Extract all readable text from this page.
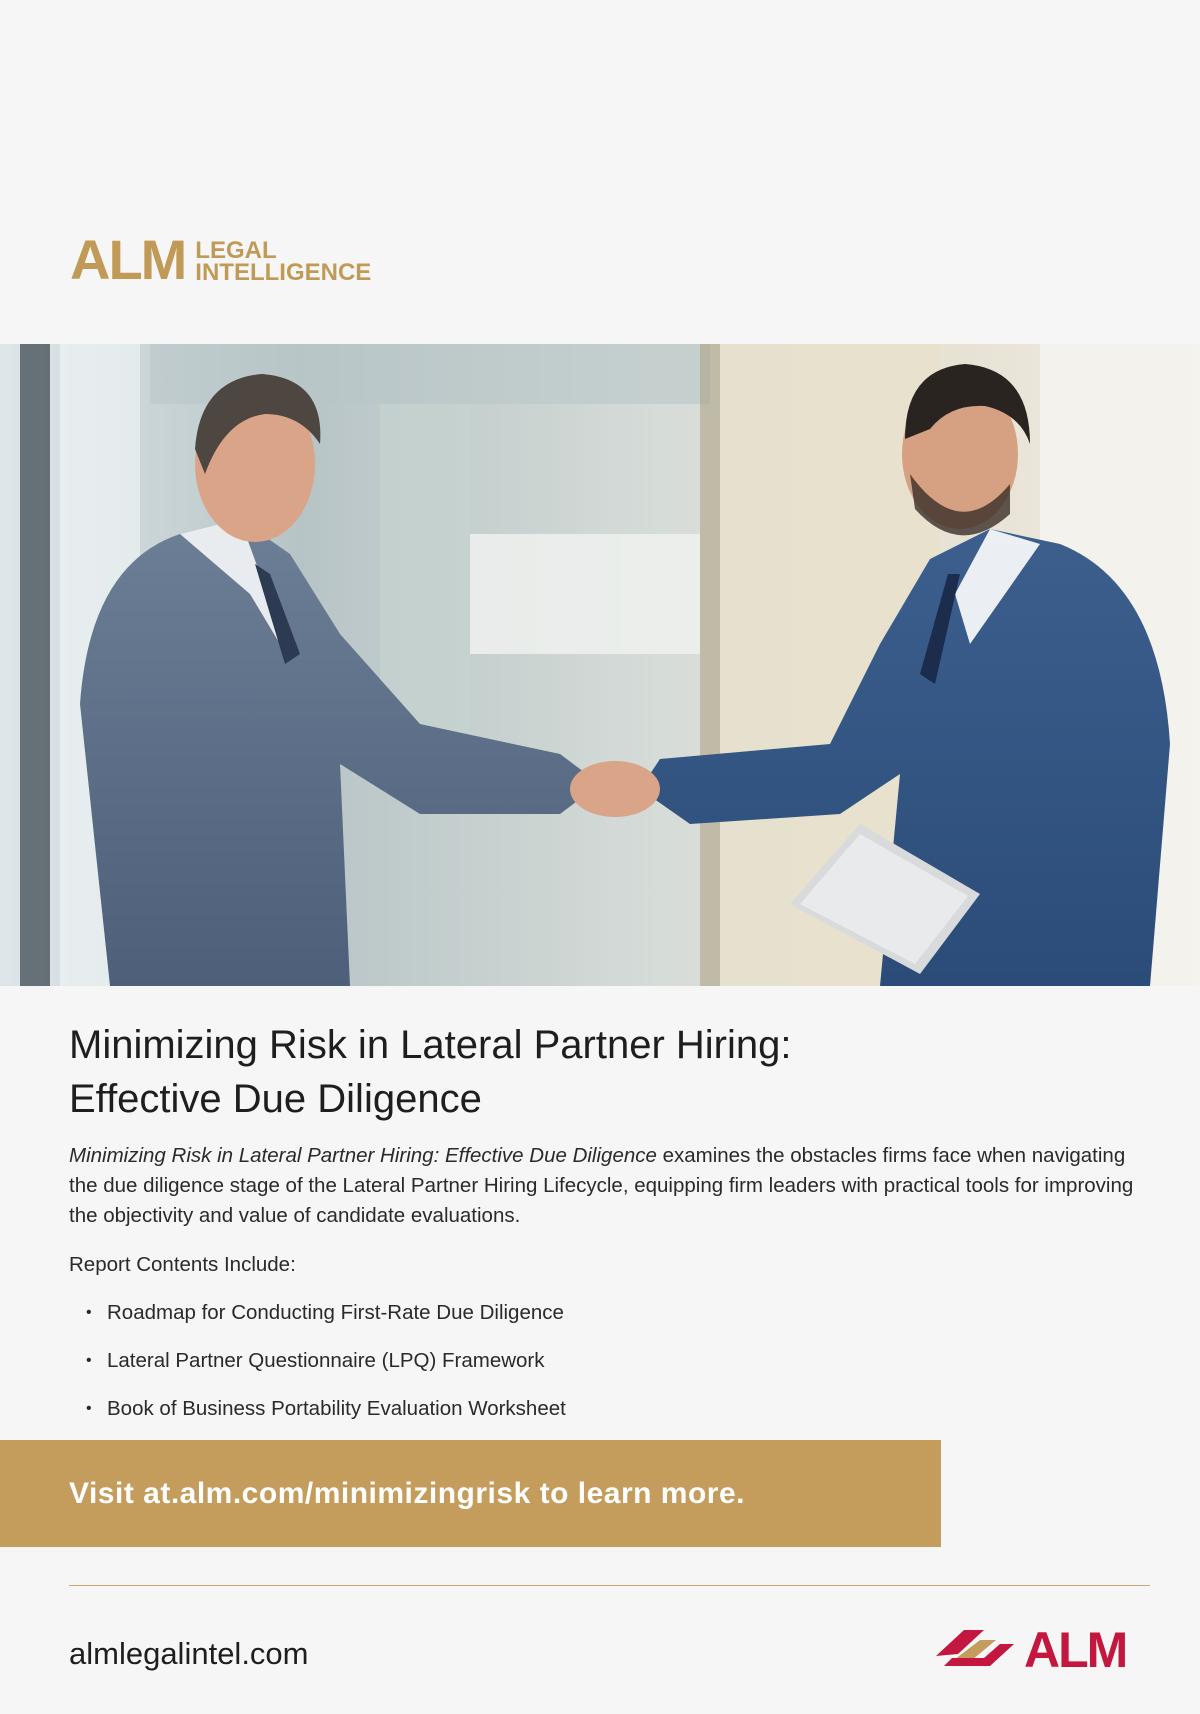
ALM LEGAL
INTELLIGENCE
Minimizing Risk in Lateral Partner Hiring:
Effective Due Diligence

Minimizing Risk in Lateral Partner Hiring: Effective Due Diligence examines the obstacles firms face when navigating the due diligence stage of the Lateral Partner Hiring Lifecycle, equipping firm leaders with practical tools for improving the objectivity and value of candidate evaluations.

Report Contents Include:

• Roadmap for Conducting First-Rate Due Diligence
• Lateral Partner Questionnaire (LPQ) Framework
• Book of Business Portability Evaluation Worksheet
Visit at.alm.com/minimizingrisk to learn more.
almlegalintel.com	ALM
